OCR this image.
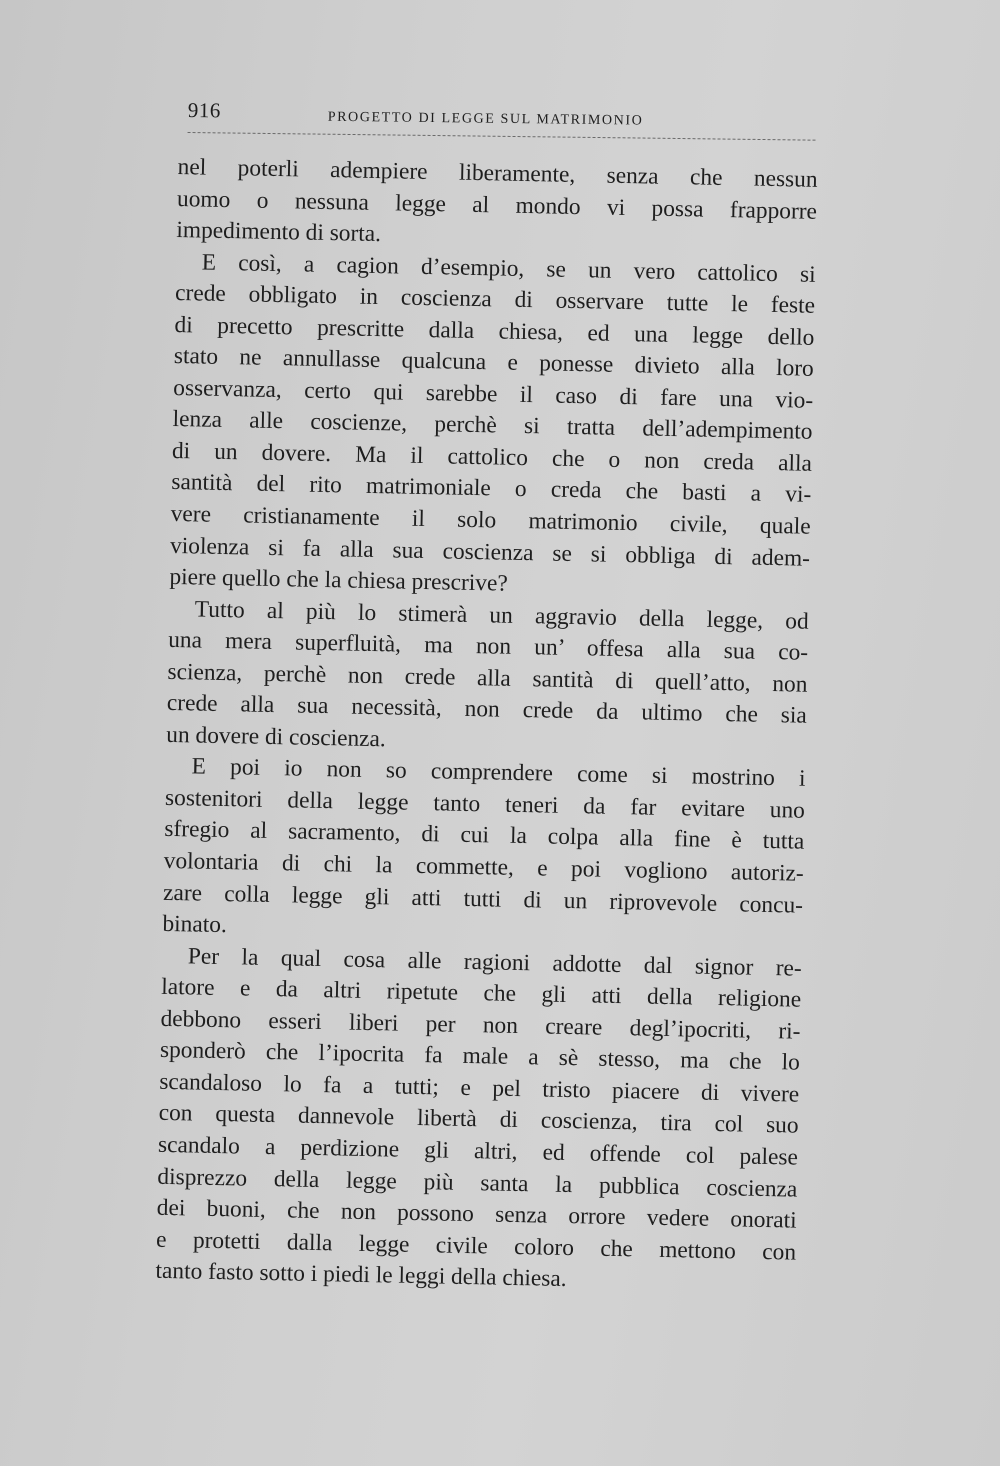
916	PROGETTO DI LEGGE SUL MATRIMONIO
nel poterli adempiere liberamente, senza che nessun
uomo o nessuna legge al mondo vi possa frapporre
impedimento di sorta.
E così, a cagion d’esempio, se un vero cattolico si
crede obbligato in coscienza di osservare tutte le feste
di precetto prescritte dalla chiesa, ed una legge dello
stato ne annullasse qualcuna e ponesse divieto alla loro
osservanza, certo qui sarebbe il caso di fare una vio-
lenza alle coscienze, perchè si tratta dell’adempimento
di un dovere. Ma il cattolico che o non creda alla
santità del rito matrimoniale o creda che basti a vi-
vere cristianamente il solo matrimonio civile, quale
violenza si fa alla sua coscienza se si obbliga di adem-
piere quello che la chiesa prescrive?
Tutto al più lo stimerà un aggravio della legge, od
una mera superfluità, ma non un’ offesa alla sua co-
scienza, perchè non crede alla santità di quell’atto, non
crede alla sua necessità, non crede da ultimo che sia
un dovere di coscienza.
E poi io non so comprendere come si mostrino i
sostenitori della legge tanto teneri da far evitare uno
sfregio al sacramento, di cui la colpa alla fine è tutta
volontaria di chi la commette, e poi vogliono autoriz-
zare colla legge gli atti tutti di un riprovevole concu-
binato.
Per la qual cosa alle ragioni addotte dal signor re-
latore e da altri ripetute che gli atti della religione
debbono esseri liberi per non creare degl’ipocriti, ri-
sponderò che l’ipocrita fa male a sè stesso, ma che lo
scandaloso lo fa a tutti; e pel tristo piacere di vivere
con questa dannevole libertà di coscienza, tira col suo
scandalo a perdizione gli altri, ed offende col palese
disprezzo della legge più santa la pubblica coscienza
dei buoni, che non possono senza orrore vedere onorati
e protetti dalla legge civile coloro che mettono con
tanto fasto sotto i piedi le leggi della chiesa.
